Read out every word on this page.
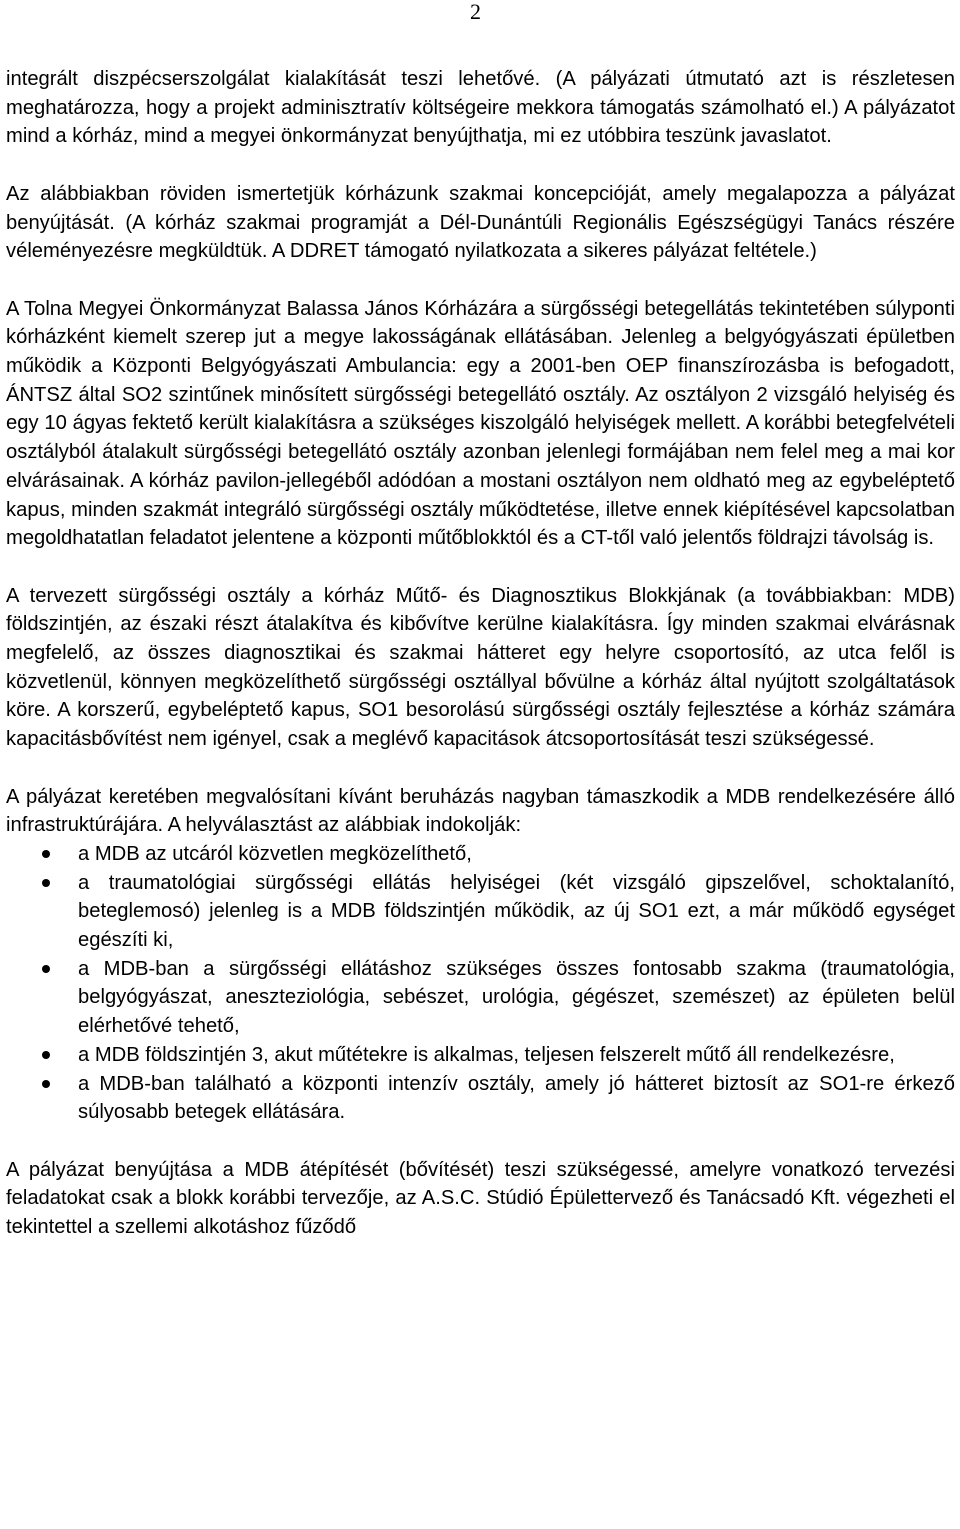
2

integrált diszpécserszolgálat kialakítását teszi lehetővé. (A pályázati útmutató azt is részletesen meghatározza, hogy a projekt adminisztratív költségeire mekkora támogatás számolható el.) A pályázatot mind a kórház, mind a megyei önkormányzat benyújthatja, mi ez utóbbira teszünk javaslatot.

Az alábbiakban röviden ismertetjük kórházunk szakmai koncepcióját, amely megalapozza a pályázat benyújtását. (A kórház szakmai programját a Dél-Dunántúli Regionális Egészségügyi Tanács részére véleményezésre megküldtük. A DDRET támogató nyilatkozata a sikeres pályázat feltétele.)

A Tolna Megyei Önkormányzat Balassa János Kórházára a sürgősségi betegellátás tekintetében súlyponti kórházként kiemelt szerep jut a megye lakosságának ellátásában. Jelenleg a belgyógyászati épületben működik a Központi Belgyógyászati Ambulancia: egy a 2001-ben OEP finanszírozásba is befogadott, ÁNTSZ által SO2 szintűnek minősített sürgősségi betegellátó osztály. Az osztályon 2 vizsgáló helyiség és egy 10 ágyas fektető került kialakításra a szükséges kiszolgáló helyiségek mellett. A korábbi betegfelvételi osztályból átalakult sürgősségi betegellátó osztály azonban jelenlegi formájában nem felel meg a mai kor elvárásainak. A kórház pavilon-jellegéből adódóan a mostani osztályon nem oldható meg az egybeléptető kapus, minden szakmát integráló sürgősségi osztály működtetése, illetve ennek kiépítésével kapcsolatban megoldhatatlan feladatot jelentene a központi műtőblokktól és a CT-től való jelentős földrajzi távolság is.

A tervezett sürgősségi osztály a kórház Műtő- és Diagnosztikus Blokkjának (a továbbiakban: MDB) földszintjén, az északi részt átalakítva és kibővítve kerülne kialakításra. Így minden szakmai elvárásnak megfelelő, az összes diagnosztikai és szakmai hátteret egy helyre csoportosító, az utca felől is közvetlenül, könnyen megközelíthető sürgősségi osztállyal bővülne a kórház által nyújtott szolgáltatások köre. A korszerű, egybeléptető kapus, SO1 besorolású sürgősségi osztály fejlesztése a kórház számára kapacitásbővítést nem igényel, csak a meglévő kapacitások átcsoportosítását teszi szükségessé.

A pályázat keretében megvalósítani kívánt beruházás nagyban támaszkodik a MDB rendelkezésére álló infrastruktúrájára. A helyválasztást az alábbiak indokolják:

a MDB az utcáról közvetlen megközelíthető,
a traumatológiai sürgősségi ellátás helyiségei (két vizsgáló gipszelővel, schoktalanító, beteglemosó) jelenleg is a MDB földszintjén működik, az új SO1 ezt, a már működő egységet egészíti ki,
a MDB-ban a sürgősségi ellátáshoz szükséges összes fontosabb szakma (traumatológia, belgyógyászat, aneszteziológia, sebészet, urológia, gégészet, szemészet) az épületen belül elérhetővé tehető,
a MDB földszintjén 3, akut műtétekre is alkalmas, teljesen felszerelt műtő áll rendelkezésre,
a MDB-ban található a központi intenzív osztály, amely jó hátteret biztosít az SO1-re érkező súlyosabb betegek ellátására.

A pályázat benyújtása a MDB átépítését (bővítését) teszi szükségessé, amelyre vonatkozó tervezési feladatokat csak a blokk korábbi tervezője, az A.S.C. Stúdió Épülettervező és Tanácsadó Kft. végezheti el tekintettel a szellemi alkotáshoz fűződő
